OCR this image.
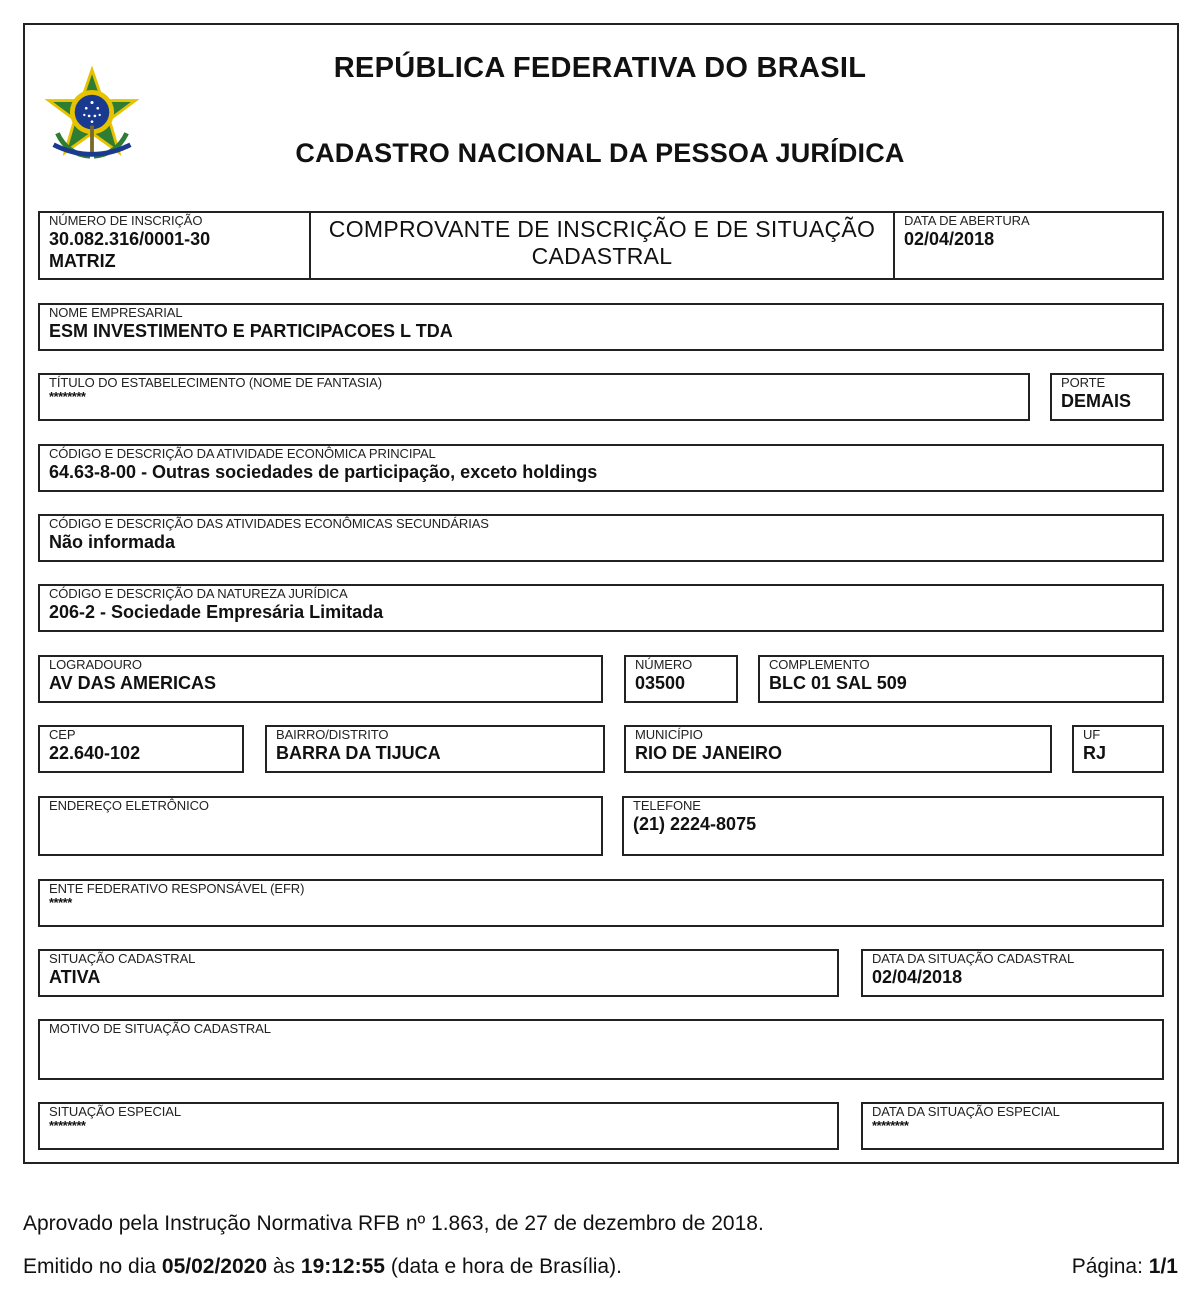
REPÚBLICA FEDERATIVA DO BRASIL
CADASTRO NACIONAL DA PESSOA JURÍDICA
NÚMERO DE INSCRIÇÃO
30.082.316/0001-30
MATRIZ
COMPROVANTE DE INSCRIÇÃO E DE SITUAÇÃO CADASTRAL
DATA DE ABERTURA
02/04/2018
NOME EMPRESARIAL
ESM INVESTIMENTO E PARTICIPACOES L TDA
TÍTULO DO ESTABELECIMENTO (NOME DE FANTASIA)
********
PORTE
DEMAIS
CÓDIGO E DESCRIÇÃO DA ATIVIDADE ECONÔMICA PRINCIPAL
64.63-8-00 - Outras sociedades de participação, exceto holdings
CÓDIGO E DESCRIÇÃO DAS ATIVIDADES ECONÔMICAS SECUNDÁRIAS
Não informada
CÓDIGO E DESCRIÇÃO DA NATUREZA JURÍDICA
206-2 - Sociedade Empresária Limitada
LOGRADOURO
AV DAS AMERICAS
NÚMERO
03500
COMPLEMENTO
BLC 01 SAL 509
CEP
22.640-102
BAIRRO/DISTRITO
BARRA DA TIJUCA
MUNICÍPIO
RIO DE JANEIRO
UF
RJ
ENDEREÇO ELETRÔNICO	TELEFONE
(21) 2224-8075
ENTE FEDERATIVO RESPONSÁVEL (EFR)
*****
SITUAÇÃO CADASTRAL
ATIVA
DATA DA SITUAÇÃO CADASTRAL
02/04/2018
MOTIVO DE SITUAÇÃO CADASTRAL
SITUAÇÃO ESPECIAL
********
DATA DA SITUAÇÃO ESPECIAL
********
Aprovado pela Instrução Normativa RFB nº 1.863, de 27 de dezembro de 2018.
Emitido no dia 05/02/2020 às 19:12:55 (data e hora de Brasília).	Página: 1/1
